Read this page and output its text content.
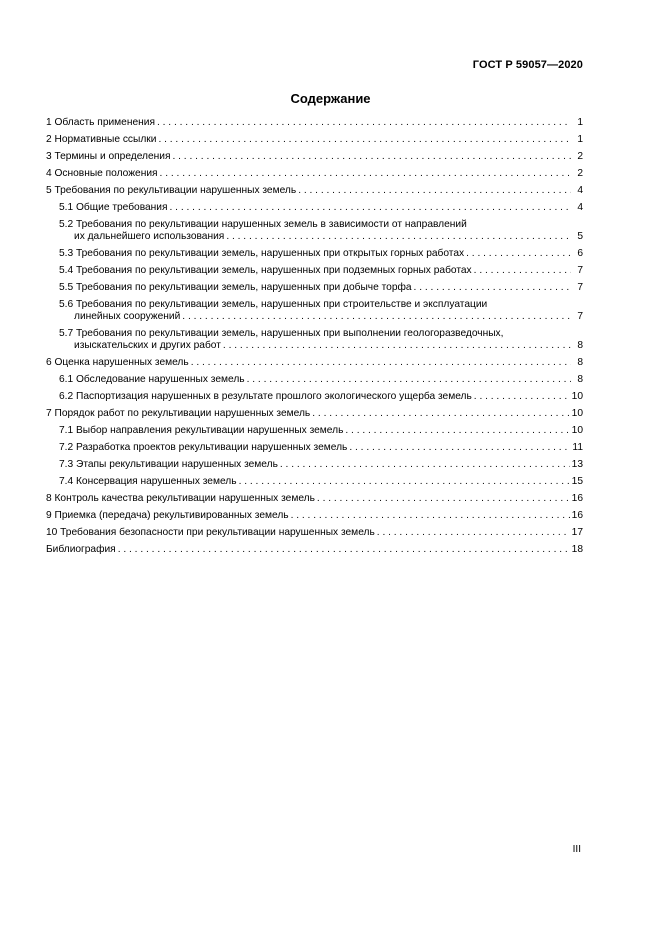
ГОСТ Р 59057—2020
Содержание
1 Область применения . . .	1
2 Нормативные ссылки . . .	1
3 Термины и определения . . .	2
4 Основные положения . . .	2
5 Требования по рекультивации нарушенных земель . . .	4
5.1 Общие требования . . .	4
5.2 Требования по рекультивации нарушенных земель в зависимости от направлений
их дальнейшего использования . . .	5
5.3 Требования по рекультивации земель, нарушенных при открытых горных работах . . .	6
5.4 Требования по рекультивации земель, нарушенных при подземных горных работах . . .	7
5.5 Требования по рекультивации земель, нарушенных при добыче торфа . . .	7
5.6 Требования по рекультивации земель, нарушенных при строительстве и эксплуатации
линейных сооружений . . .	7
5.7 Требования по рекультивации земель, нарушенных при выполнении геологоразведочных,
изыскательских и других работ . . .	8
6 Оценка нарушенных земель . . .	8
6.1 Обследование нарушенных земель . . .	8
6.2 Паспортизация нарушенных в результате прошлого экологического ущерба земель . . .	10
7 Порядок работ по рекультивации нарушенных земель . . .	10
7.1 Выбор направления рекультивации нарушенных земель . . .	10
7.2 Разработка проектов рекультивации нарушенных земель . . .	11
7.3 Этапы рекультивации нарушенных земель . . .	13
7.4 Консервация нарушенных земель . . .	15
8 Контроль качества рекультивации нарушенных земель . . .	16
9 Приемка (передача) рекультивированных земель . . .	16
10 Требования безопасности при рекультивации нарушенных земель . . .	17
Библиография . . .	18
III
